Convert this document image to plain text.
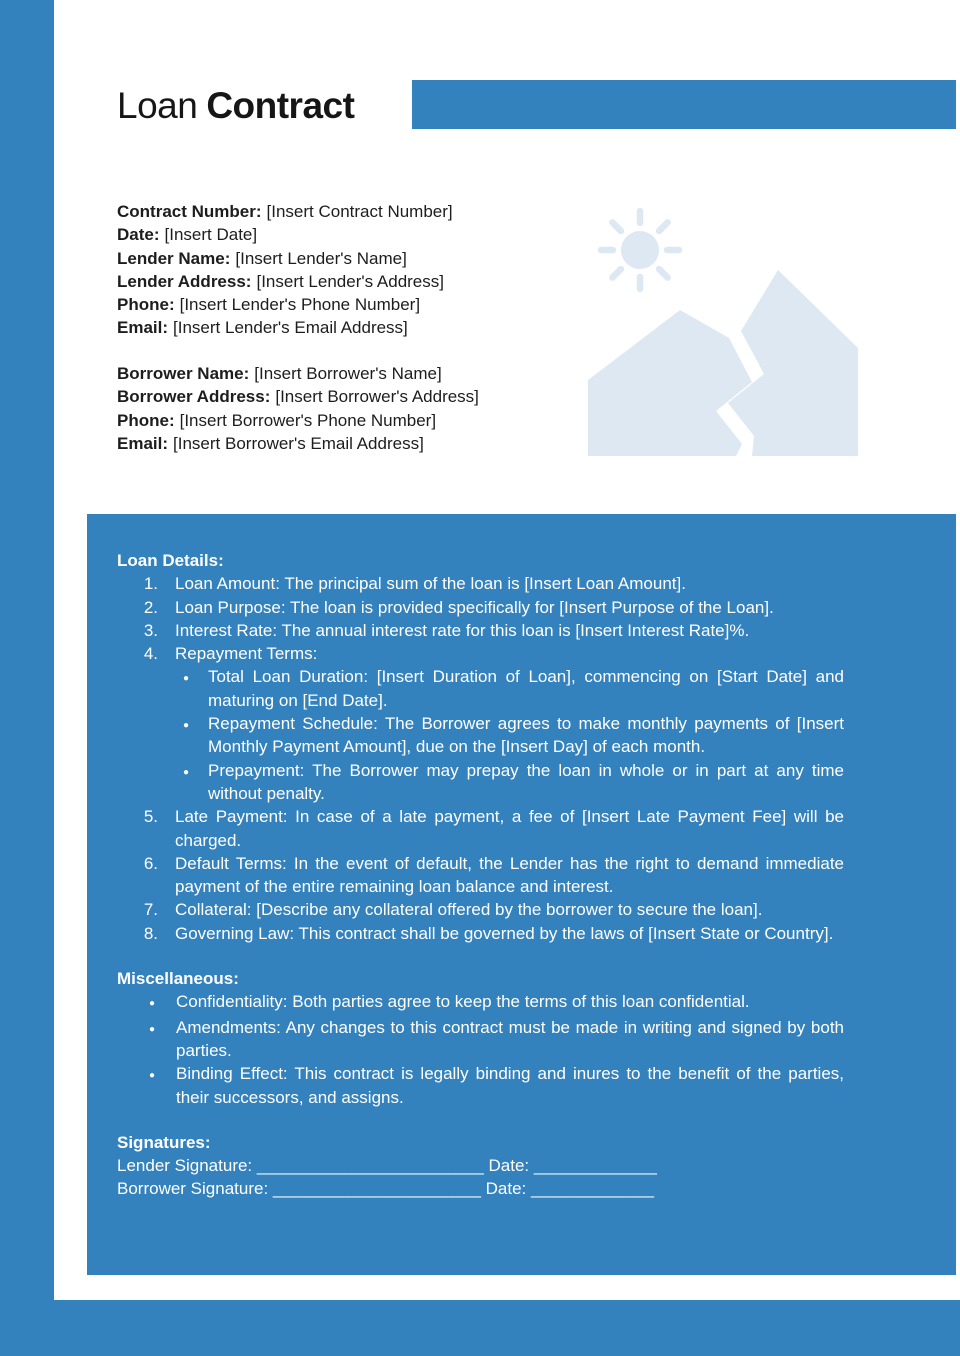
Loan Contract
Contract Number: [Insert Contract Number]
Date: [Insert Date]
Lender Name: [Insert Lender's Name]
Lender Address: [Insert Lender's Address]
Phone: [Insert Lender's Phone Number]
Email: [Insert Lender's Email Address]
Borrower Name: [Insert Borrower's Name]
Borrower Address: [Insert Borrower's Address]
Phone: [Insert Borrower's Phone Number]
Email: [Insert Borrower's Email Address]
Loan Details:
1.	Loan Amount: The principal sum of the loan is [Insert Loan Amount].
2.	Loan Purpose: The loan is provided specifically for [Insert Purpose of the Loan].
3.	Interest Rate: The annual interest rate for this loan is [Insert Interest Rate]%.
4.	Repayment Terms:
●
Total Loan Duration: [Insert Duration of Loan], commencing on [Start Date] and maturing on [End Date].
●
Repayment Schedule: The Borrower agrees to make monthly payments of [Insert Monthly Payment Amount], due on the [Insert Day] of each month.
●
Prepayment: The Borrower may prepay the loan in whole or in part at any time without penalty.
5.	Late Payment: In case of a late payment, a fee of [Insert Late Payment Fee] will be charged.
6.	Default Terms: In the event of default, the Lender has the right to demand immediate payment of the entire remaining loan balance and interest.
7.	Collateral: [Describe any collateral offered by the borrower to secure the loan].
8.	Governing Law: This contract shall be governed by the laws of [Insert State or Country].
Miscellaneous:
●
Confidentiality: Both parties agree to keep the terms of this loan confidential.
●
Amendments: Any changes to this contract must be made in writing and signed by both parties.
●
Binding Effect: This contract is legally binding and inures to the benefit of the parties, their successors, and assigns.
Signatures:
Lender Signature: ________________________ Date: _____________
Borrower Signature: ______________________ Date: _____________
